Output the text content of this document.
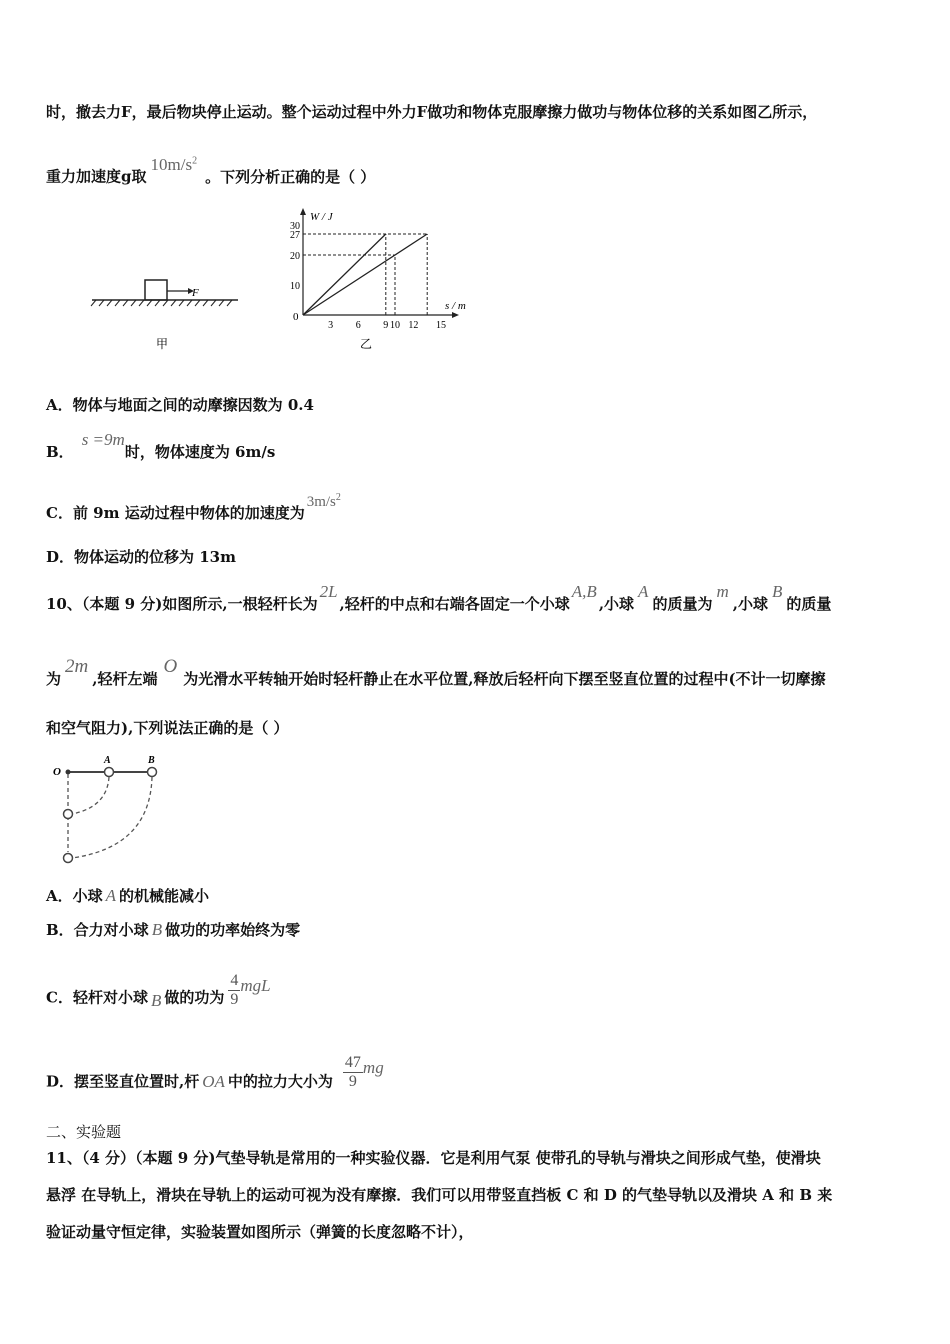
时，撤去力F，最后物块停止运动。整个运动过程中外力F做功和物体克服摩擦力做功与物体位移的关系如图乙所示，
重力加速度g取$10m/s^2$。下列分析正确的是（ ）
F
甲
W / J
s / m
0
3 6 9 10 12 15
10
20
27
30
乙
A．物体与地面之间的动摩擦因数为 0.4
B．s =9m时，物体速度为 6m/s
C．前 9m 运动过程中物体的加速度为$3m/s^2$
D．物体运动的位移为 13m
10、（本题 9 分)如图所示,一根轻杆长为2L,轻杆的中点和右端各固定一个小球A,B,小球A的质量为m,小球B的质量
为2m,轻杆左端O为光滑水平转轴开始时轻杆静止在水平位置,释放后轻杆向下摆至竖直位置的过程中(不计一切摩擦
和空气阻力),下列说法正确的是（ ）
O
A	B
A．小球 A 的机械能减小
B．合力对小球 B 做功的功率始终为零
C．轻杆对小球 B 做的功为 $\frac{4}{9}$ mgL
D．摆至竖直位置时,杆 OA 中的拉力大小为 $\frac{47}{9}$ mg
二、实验题
11、（4 分）（本题 9 分)气垫导轨是常用的一种实验仪器．它是利用气泵 使带孔的导轨与滑块之间形成气垫，使滑块
悬浮 在导轨上，滑块在导轨上的运动可视为没有摩擦．我们可以用带竖直挡板 C 和 D 的气垫导轨以及滑块 A 和 B 来
验证动量守恒定律，实验装置如图所示（弹簧的长度忽略不计），
